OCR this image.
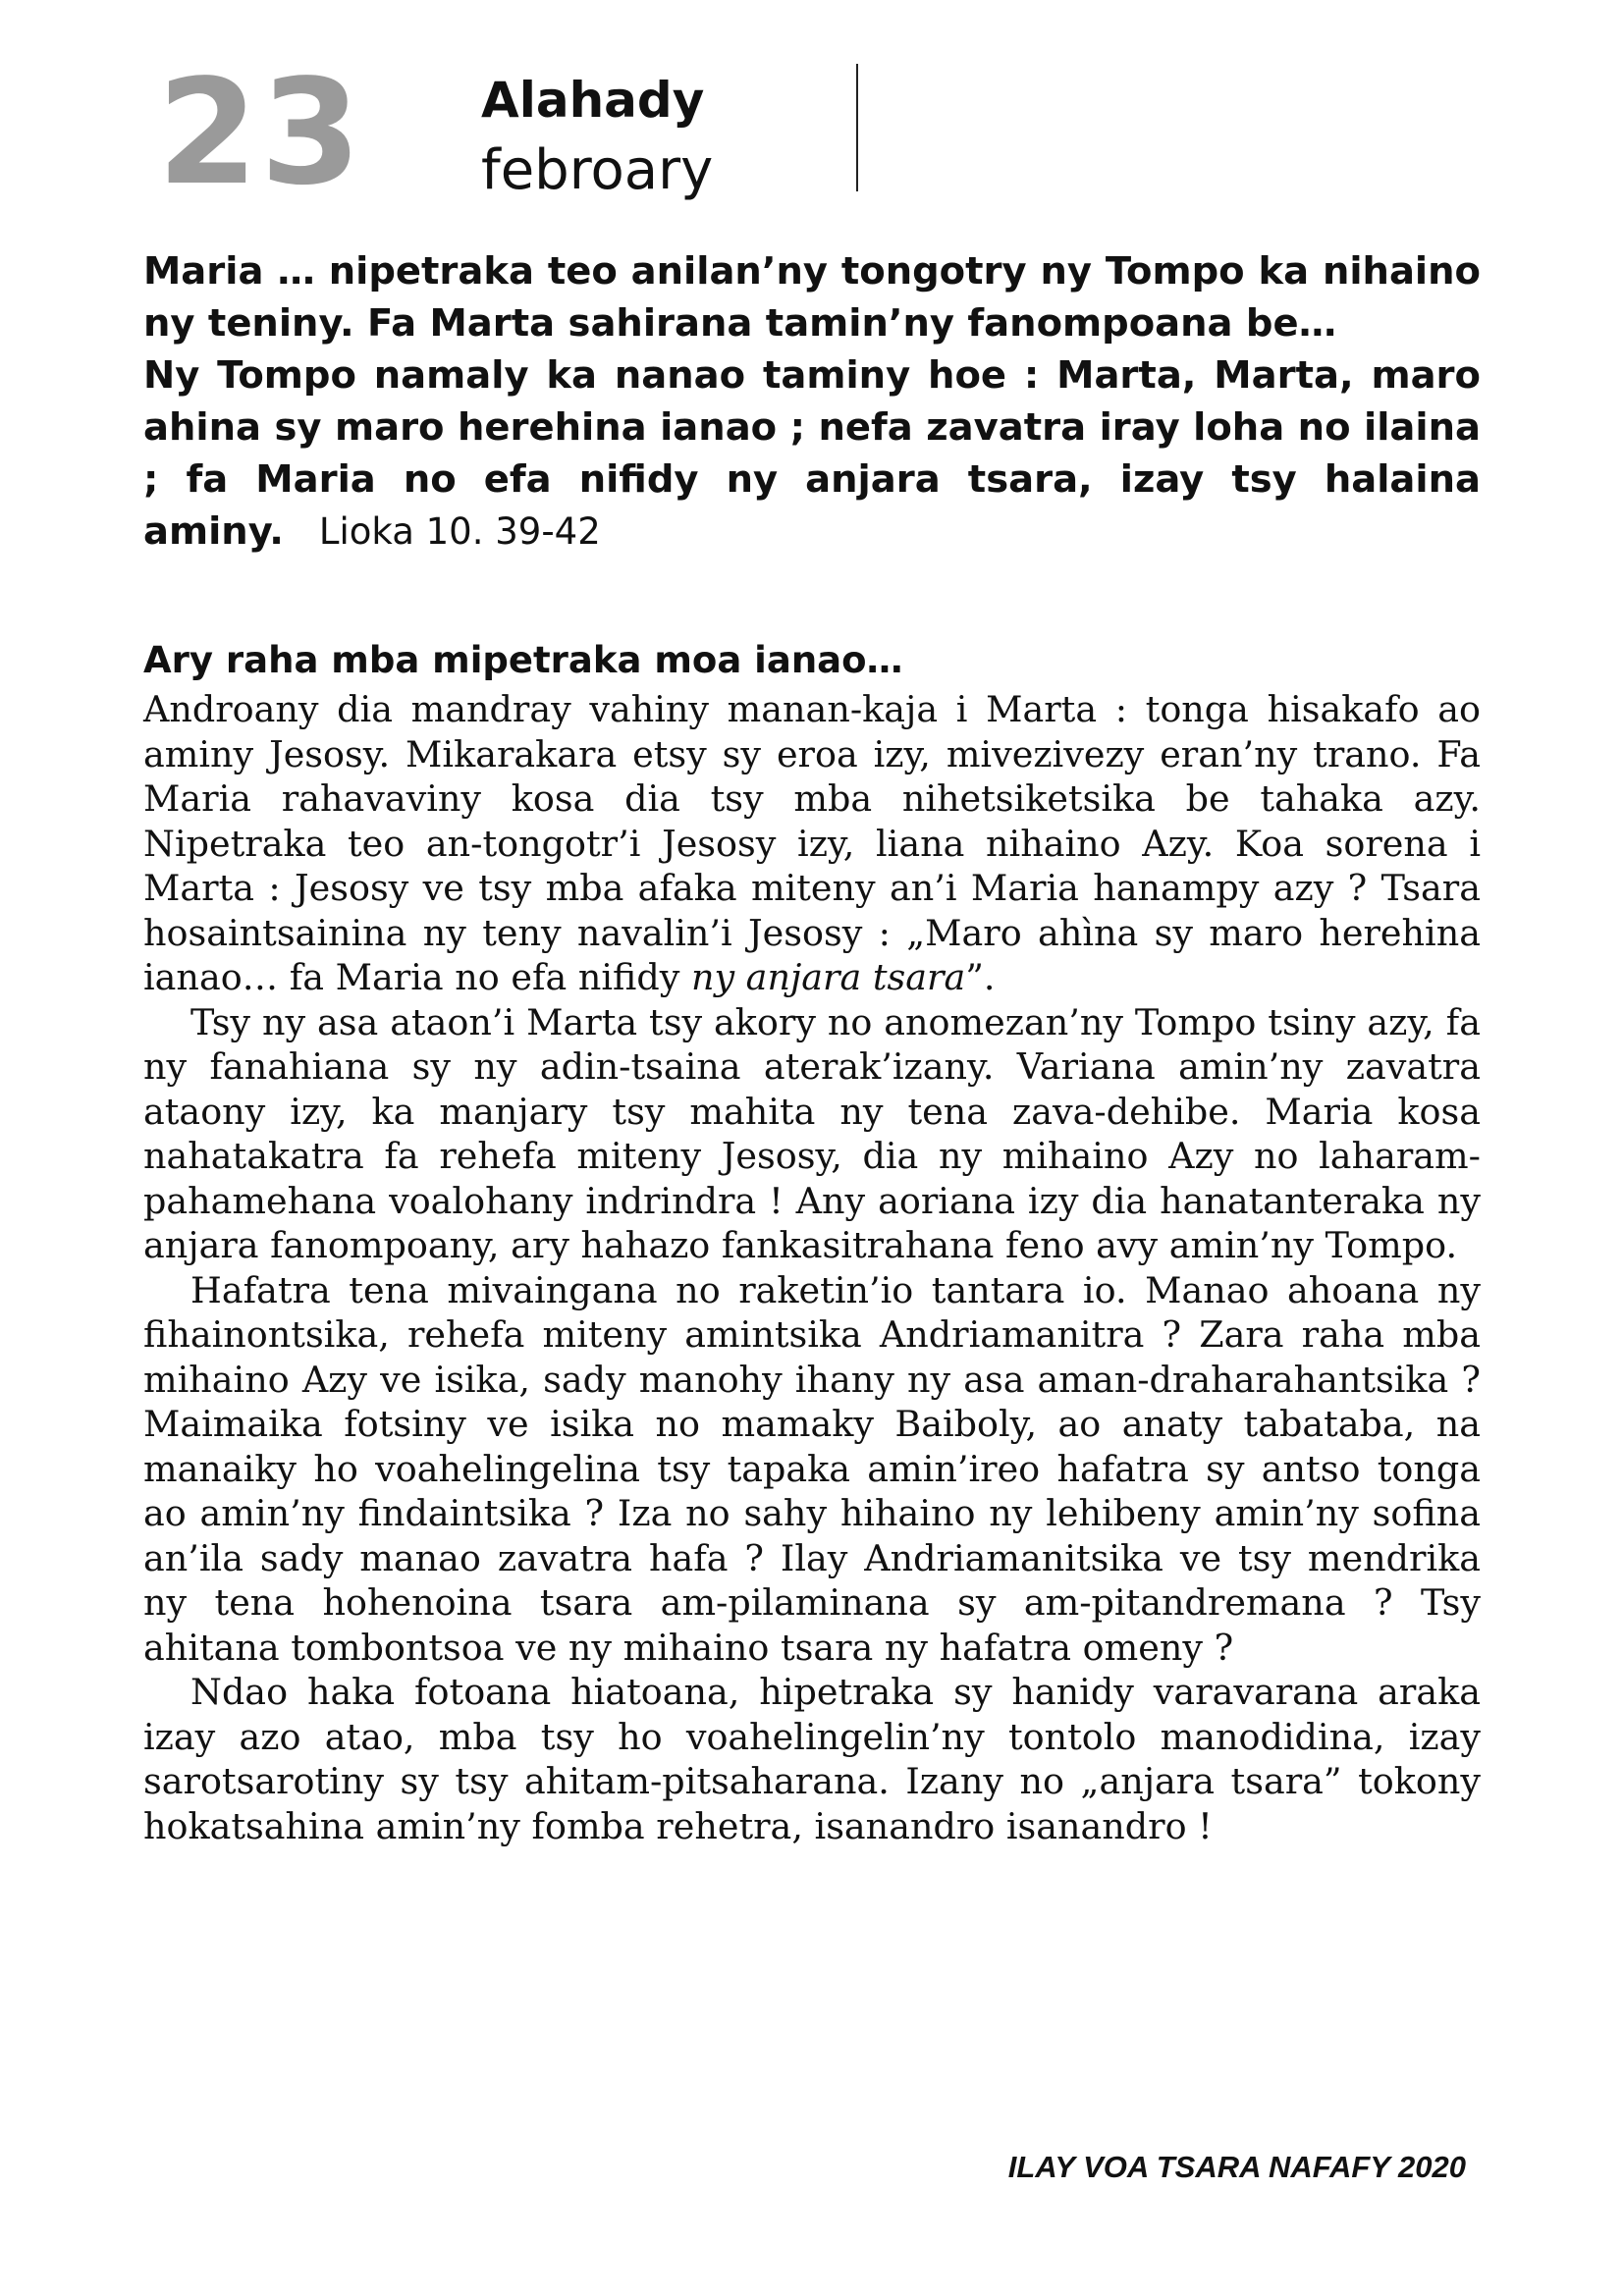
23 Alahady
febroary

Maria … nipetraka teo anilan’ny tongotry ny Tompo ka nihaino ny teniny. Fa Marta sahirana tamin’ny fanompoana be…

Ny Tompo namaly ka nanao taminy hoe : Marta, Marta, maro ahina sy maro herehina ianao ; nefa zavatra iray loha no ilaina ; fa Maria no efa nifidy ny anjara tsara, izay tsy halaina aminy. Lioka 10. 39-42

Ary raha mba mipetraka moa ianao…

Androany dia mandray vahiny manan-kaja i Marta : tonga hisakafo ao aminy Jesosy. Mikarakara etsy sy eroa izy, mivezivezy eran’ny trano. Fa Maria rahavaviny kosa dia tsy mba nihetsiketsika be tahaka azy. Nipetraka teo an-tongotr’i Jesosy izy, liana nihaino Azy. Koa sorena i Marta : Jesosy ve tsy mba afaka miteny an’i Maria hanampy azy ? Tsara hosaintsainina ny teny navalin’i Jesosy : „Maro ahìna sy maro herehina ianao… fa Maria no efa nifidy ny anjara tsara”.

Tsy ny asa ataon’i Marta tsy akory no anomezan’ny Tompo tsiny azy, fa ny fanahiana sy ny adin-tsaina aterak’izany. Variana amin’ny zavatra ataony izy, ka manjary tsy mahita ny tena zava-dehibe. Maria kosa nahatakatra fa rehefa miteny Jesosy, dia ny mihaino Azy no laharam-pahamehana voalohany indrindra ! Any aoriana izy dia hanatanteraka ny anjara fanompoany, ary hahazo fankasitrahana feno avy amin’ny Tompo.

Hafatra tena mivaingana no raketin’io tantara io. Manao ahoana ny fihainontsika, rehefa miteny amintsika Andriamanitra ? Zara raha mba mihaino Azy ve isika, sady manohy ihany ny asa aman-draharahantsika ? Maimaika fotsiny ve isika no mamaky Baiboly, ao anaty tabataba, na manaiky ho voahelingelina tsy tapaka amin’ireo hafatra sy antso tonga ao amin’ny findaintsika ? Iza no sahy hihaino ny lehibeny amin’ny sofina an’ila sady manao zavatra hafa ? Ilay Andriamanitsika ve tsy mendrika ny tena hohenoina tsara am-pilaminana sy am-pitandremana ? Tsy ahitana tombontsoa ve ny mihaino tsara ny hafatra omeny ?

Ndao haka fotoana hiatoana, hipetraka sy hanidy varavarana araka izay azo atao, mba tsy ho voahelingelin’ny tontolo manodidina, izay sarotsarotiny sy tsy ahitam-pitsaharana. Izany no „anjara tsara” tokony hokatsahina amin’ny fomba rehetra, isanandro isanandro !

ILAY VOA TSARA NAFAFY 2020
